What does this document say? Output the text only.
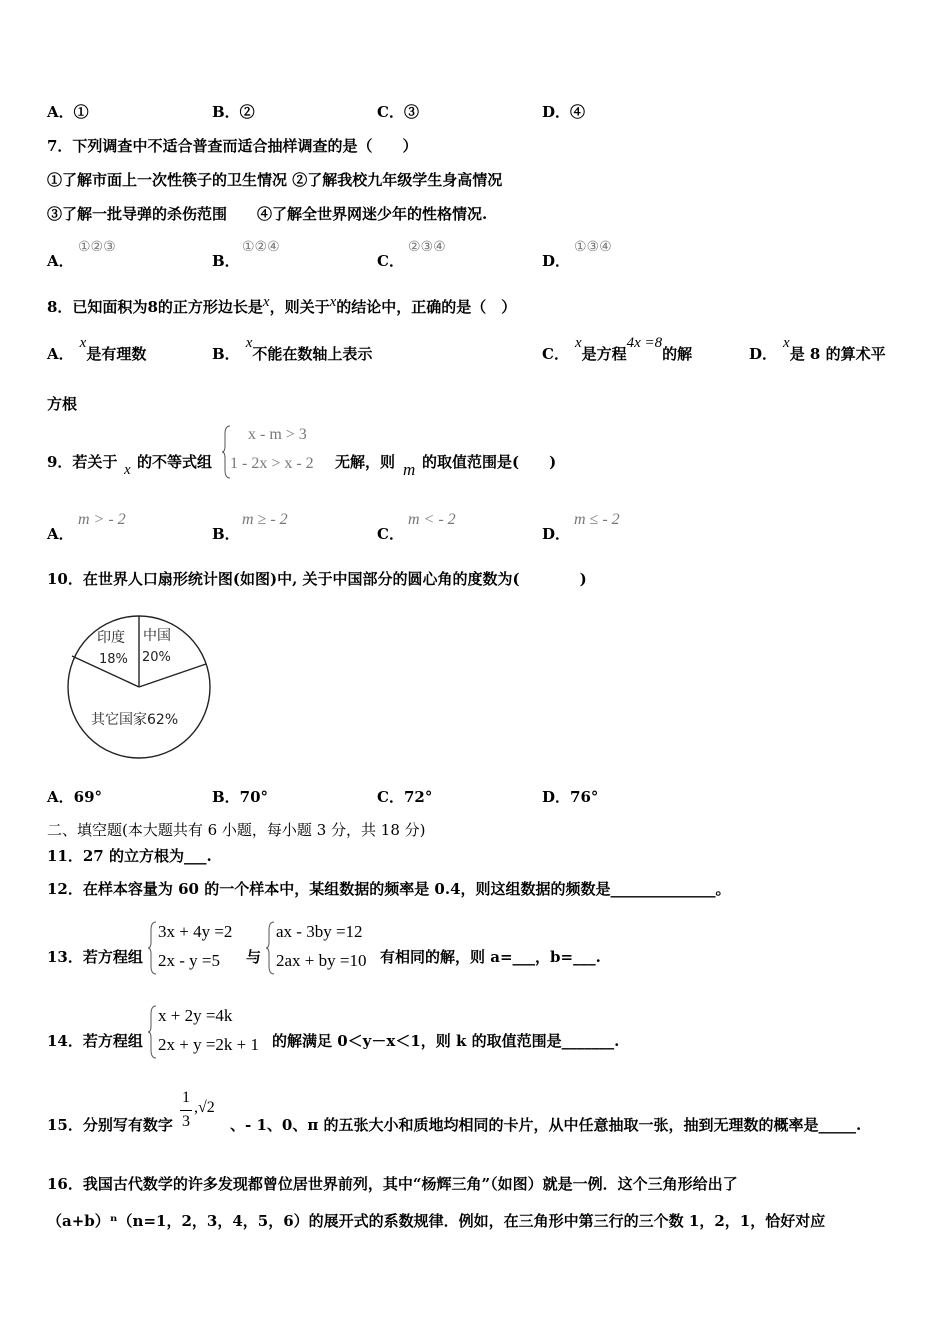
A．①	B．②	C．③	D．④
7．下列调查中不适合普查而适合抽样调查的是（　　）
①了解市面上一次性筷子的卫生情况 ②了解我校九年级学生身高情况
③了解一批导弹的杀伤范围　　④了解全世界网迷少年的性格情况.
A．
①②③
B．
①②④
C．
②③④
D．
①③④
8．已知面积为8的正方形边长是x，则关于x的结论中，正确的是（　）
A．x是有理数	B．x不能在数轴上表示	C．x是方程4x =8的解	D．x是 8 的算术平
方根
9．若关于 x 的不等式组
x - m > 3
1 - 2x > x - 2 无解，则 m 的取值范围是(　　)
A．
m > - 2
B．
m ≥ - 2
C．
m < - 2
D．
m ≤ - 2
10．在世界人口扇形统计图(如图)中, 关于中国部分的圆心角的度数为(　　　　)
印度
18%
中国
20%
其它国家62%
A．69°	B．70°	C．72°	D．76°
二、填空题(本大题共有 6 小题，每小题 3 分，共 18 分)
11．27 的立方根为___.
12．在样本容量为 60 的一个样本中，某组数据的频率是 0.4，则这组数据的频数是______________。
13．若方程组
3x + 4y =2
2x - y =5 与
ax - 3by =12
2ax + by =10 有相同的解，则 a=___，b=___.
14．若方程组
x + 2y =4k
2x + y =2k + 1 的解满足 0＜y－x＜1，则 k 的取值范围是_______.
15．分别写有数字
1
3
,√2
、- 1、0、π 的五张大小和质地均相同的卡片，从中任意抽取一张，抽到无理数的概率是_____.
16．我国古代数学的许多发现都曾位居世界前列，其中“杨辉三角”（如图）就是一例．这个三角形给出了
（a+b）ⁿ（n=1，2，3，4，5，6）的展开式的系数规律．例如，在三角形中第三行的三个数 1，2，1，恰好对应
